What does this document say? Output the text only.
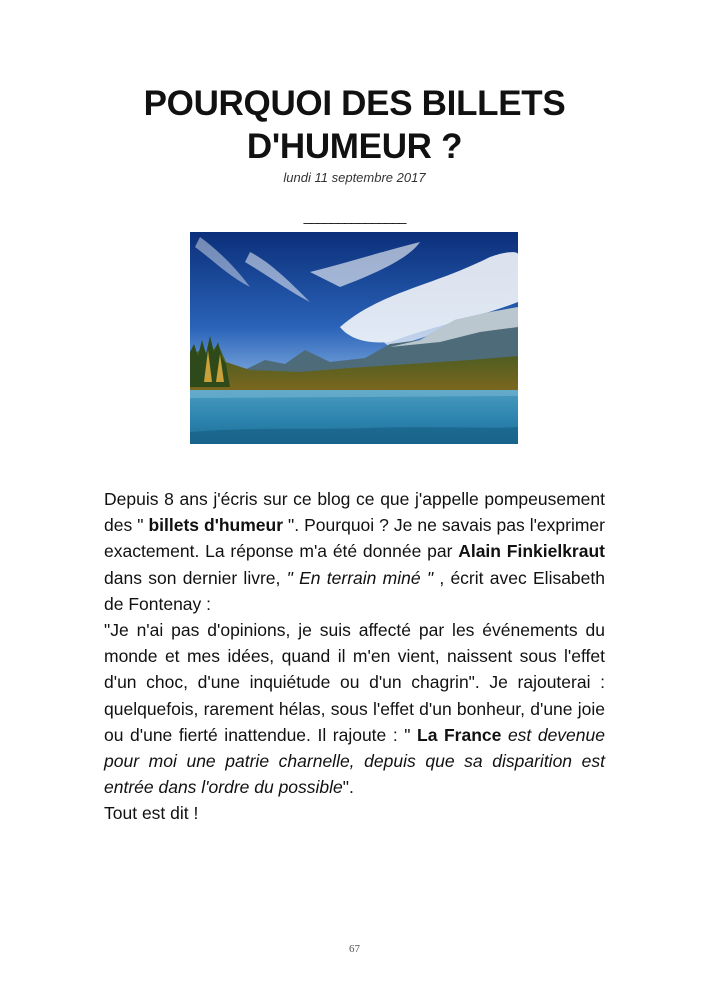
POURQUOI DES BILLETS
D'HUMEUR ?
lundi 11 septembre 2017
_______________

Depuis 8 ans j'écris sur ce blog ce que j'appelle pompeusement des " billets d'humeur ". Pourquoi ? Je ne savais pas l'exprimer exactement. La réponse m'a été donnée par Alain Finkielkraut dans son dernier livre, " En terrain miné " , écrit avec Elisabeth de Fontenay :

"Je n'ai pas d'opinions, je suis affecté par les événements du monde et mes idées, quand il m'en vient, naissent sous l'effet d'un choc, d'une inquiétude ou d'un chagrin". Je rajouterai : quelquefois, rarement hélas, sous l'effet d'un bonheur, d'une joie ou d'une fierté inattendue. Il rajoute : " La France est devenue pour moi une patrie charnelle, depuis que sa disparition est entrée dans l'ordre du possible".

Tout est dit !

67
